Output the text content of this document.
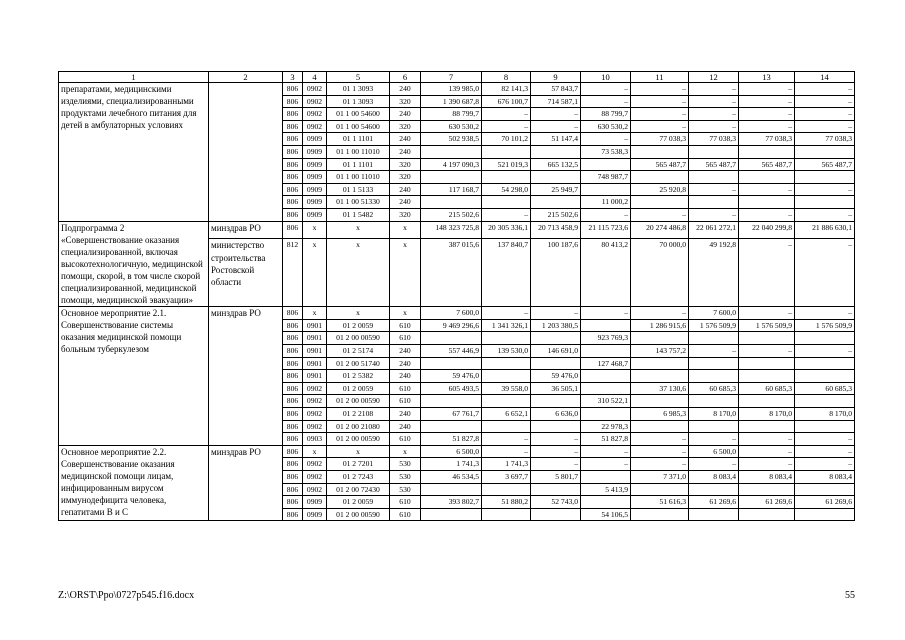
1	2	3	4	5	6	7	8	9	10	11	12	13	14
препаратами, медицинскими изделиями, специализированными продуктами лечебного питания для детей в амбулаторных условиях		806	0902	01 1 3093	240	139 985,0	82 141,3	57 843,7	–	–	–	–	–
		806	0902	01 1 3093	320	1 390 687,8	676 100,7	714 587,1	–	–	–	–	–
		806	0902	01 1 00 54600	240	88 799,7	–	–	88 799,7	–	–	–	–
		806	0902	01 1 00 54600	320	630 530,2	–	–	630 530,2	–	–	–	–
		806	0909	01 1 1101	240	502 938,5	70 101,2	51 147,4	–	77 038,3	77 038,3	77 038,3	77 038,3
		806	0909	01 1 00 11010	240				73 538,3				
		806	0909	01 1 1101	320	4 197 090,3	521 019,3	665 132,5		565 487,7	565 487,7	565 487,7	565 487,7
		806	0909	01 1 00 11010	320				748 987,7				
		806	0909	01 1 5133	240	117 168,7	54 298,0	25 949,7		25 920,8	–	–	–
		806	0909	01 1 00 51330	240				11 000,2				
		806	0909	01 1 5482	320	215 502,6	–	215 502,6	–	–	–	–	–
Подпрограмма 2 «Совершенствование оказания специализированной, включая высокотехнологичную, медицинской помощи, скорой, в том числе скорой специализированной, медицинской помощи, медицинской эвакуации»	минздрав РО	806	x	x	x	148 323 725,8	20 305 336,1	20 713 458,9	21 115 723,6	20 274 486,8	22 061 272,1	22 040 299,8	21 886 630,1
	министерство строительства Ростовской области	812	x	x	x	387 015,6	137 840,7	100 187,6	80 413,2	70 000,0	49 192,8	–	–
Основное мероприятие 2.1. Совершенствование системы оказания медицинской помощи больным туберкулезом	минздрав РО	806	x	x	x	7 600,0	–	–	–	–	7 600,0	–	–
		806	0901	01 2 0059	610	9 469 296,6	1 341 326,1	1 203 380,5		1 286 915,6	1 576 509,9	1 576 509,9	1 576 509,9
		806	0901	01 2 00 00590	610				923 769,3				
		806	0901	01 2 5174	240	557 446,9	139 530,0	146 691,0		143 757,2	–	–	–
		806	0901	01 2 00 51740	240				127 468,7				
		806	0901	01 2 5382	240	59 476,0		59 476,0					
		806	0902	01 2 0059	610	605 493,5	39 558,0	36 505,1		37 130,6	60 685,3	60 685,3	60 685,3
		806	0902	01 2 00 00590	610				310 522,1				
		806	0902	01 2 2108	240	67 761,7	6 652,1	6 636,0		6 985,3	8 170,0	8 170,0	8 170,0
		806	0902	01 2 00 21080	240				22 978,3				
		806	0903	01 2 00 00590	610	51 827,8	–	–	51 827,8	–	–	–	–
Основное мероприятие 2.2. Совершенствование оказания медицинской помощи лицам, инфицированным вирусом иммунодефицита человека, гепатитами В и С	минздрав РО	806	x	x	x	6 500,0	–	–	–	–	6 500,0	–	–
		806	0902	01 2 7201	530	1 741,3	1 741,3	–	–	–	–	–	–
		806	0902	01 2 7243	530	46 534,5	3 697,7	5 801,7		7 371,0	8 083,4	8 083,4	8 083,4
		806	0902	01 2 00 72430	530				5 413,9				
		806	0909	01 2 0059	610	393 802,7	51 880,2	52 743,0		51 616,3	61 269,6	61 269,6	61 269,6
		806	0909	01 2 00 00590	610				54 106,5				
Z:\ORST\Ppo\0727p545.f16.docx	55
